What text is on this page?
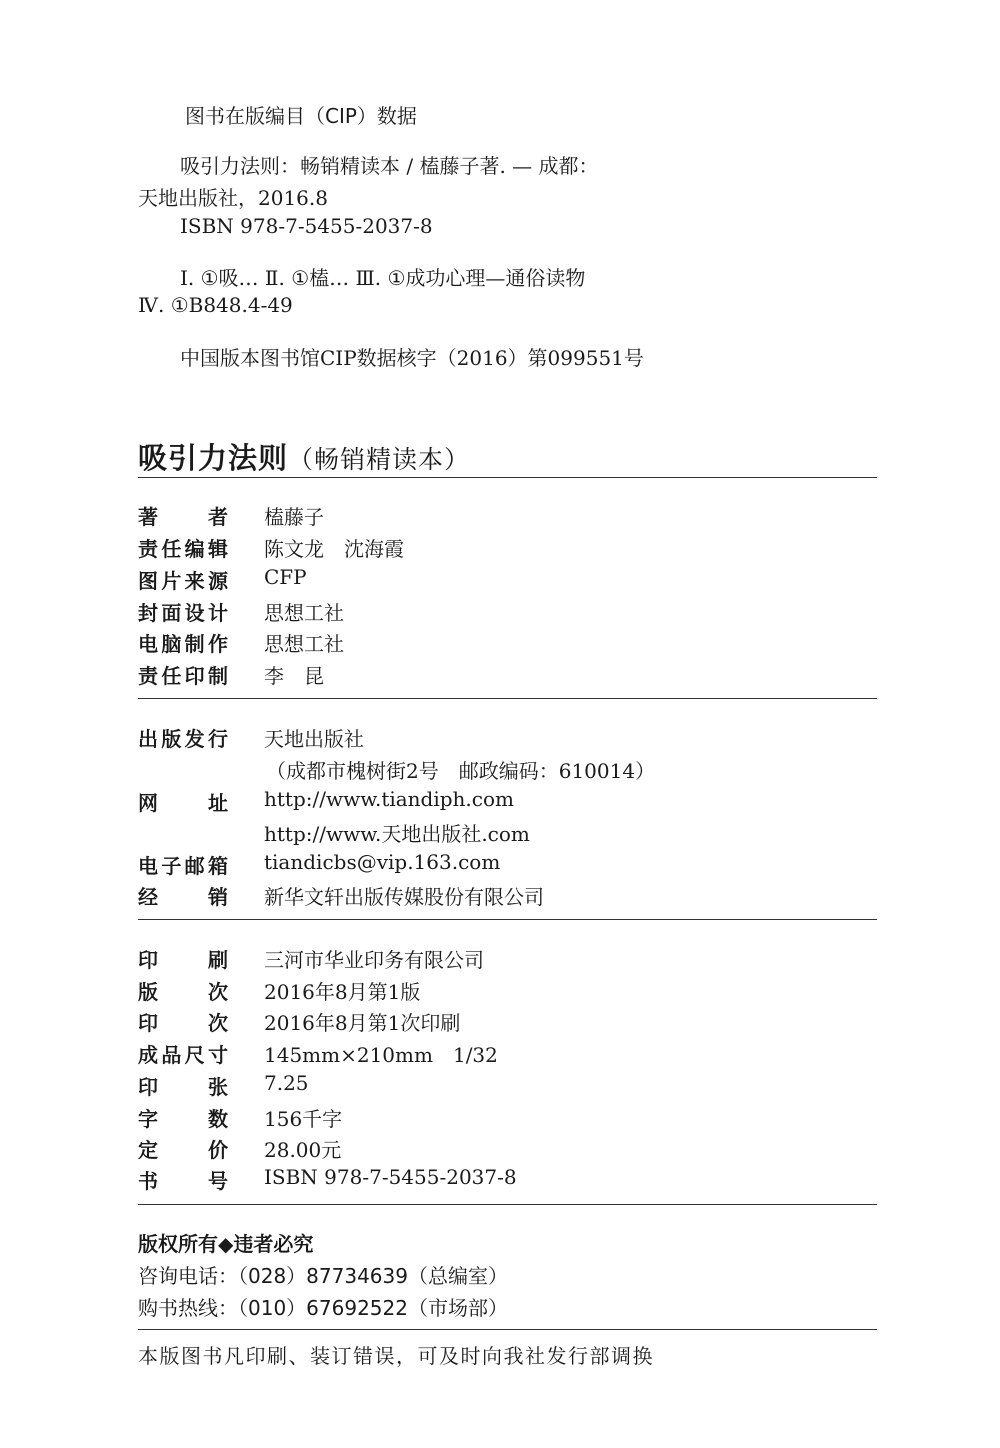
图书在版编目（CIP）数据
吸引力法则：畅销精读本 / 榼藤子著. — 成都：
天地出版社，2016.8
ISBN 978-7-5455-2037-8
Ⅰ. ①吸… Ⅱ. ①榼… Ⅲ. ①成功心理—通俗读物
Ⅳ. ①B848.4-49
中国版本图书馆CIP数据核字（2016）第099551号
吸引力法则（畅销精读本）
著	者 榼藤子
责 任 编 辑 陈文龙　沈海霞
图 片 来 源 CFP
封 面 设 计 思想工社
电 脑 制 作 思想工社
责 任 印 制 李　昆
出 版 发 行 天地出版社
（成都市槐树街2号　邮政编码：610014）
网	址 http://www.tiandiph.com
http://www.天地出版社.com
电 子 邮 箱 tiandicbs@vip.163.com
经	销 新华文轩出版传媒股份有限公司
印	刷 三河市华业印务有限公司
版	次 2016年8月第1版
印	次 2016年8月第1次印刷
成 品 尺 寸 145mm×210mm　1/32
印	张 7.25
字	数 156千字
定	价 28.00元
书	号 ISBN 978-7-5455-2037-8
版权所有◆违者必究
咨询电话：（028）87734639（总编室）
购书热线：（010）67692522（市场部）
本版图书凡印刷、装订错误，可及时向我社发行部调换
